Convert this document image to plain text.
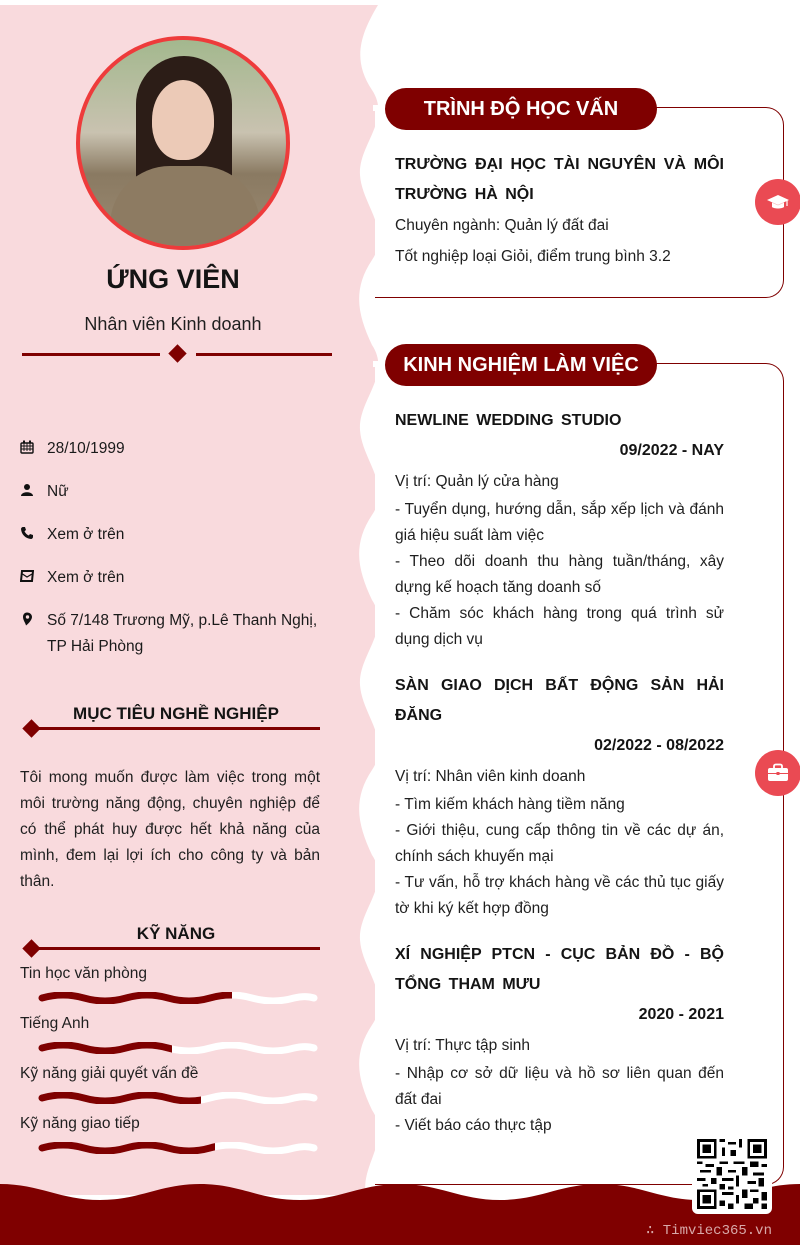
ỨNG VIÊN
Nhân viên Kinh doanh
28/10/1999
Nữ
Xem ở trên
Xem ở trên
Số 7/148 Trương Mỹ, p.Lê Thanh Nghị, TP Hải Phòng
MỤC TIÊU NGHỀ NGHIỆP
Tôi mong muốn được làm việc trong một môi trường năng động, chuyên nghiệp để có thể phát huy được hết khả năng của mình, đem lại lợi ích cho công ty và bản thân.
KỸ NĂNG
Tin học văn phòng
Tiếng Anh
Kỹ năng giải quyết vấn đề
Kỹ năng giao tiếp
TRÌNH ĐỘ HỌC VẤN
TRƯỜNG ĐẠI HỌC TÀI NGUYÊN VÀ MÔI TRƯỜNG HÀ NỘI
Chuyên ngành: Quản lý đất đai
Tốt nghiệp loại Giỏi, điểm trung bình 3.2
KINH NGHIỆM LÀM VIỆC
NEWLINE WEDDING STUDIO
09/2022 - NAY
Vị trí: Quản lý cửa hàng
- Tuyển dụng, hướng dẫn, sắp xếp lịch và đánh giá hiệu suất làm việc
- Theo dõi doanh thu hàng tuần/tháng, xây dựng kế hoạch tăng doanh số
- Chăm sóc khách hàng trong quá trình sử dụng dịch vụ
SÀN GIAO DỊCH BẤT ĐỘNG SẢN HẢI ĐĂNG
02/2022 - 08/2022
Vị trí: Nhân viên kinh doanh
- Tìm kiếm khách hàng tiềm năng
- Giới thiệu, cung cấp thông tin về các dự án, chính sách khuyến mại
- Tư vấn, hỗ trợ khách hàng về các thủ tục giấy tờ khi ký kết hợp đồng
XÍ NGHIỆP PTCN - CỤC BẢN ĐỒ - BỘ TỔNG THAM MƯU
2020 - 2021
Vị trí: Thực tập sinh
- Nhập cơ sở dữ liệu và hồ sơ liên quan đến đất đai
- Viết báo cáo thực tập
∴ Timviec365.vn
